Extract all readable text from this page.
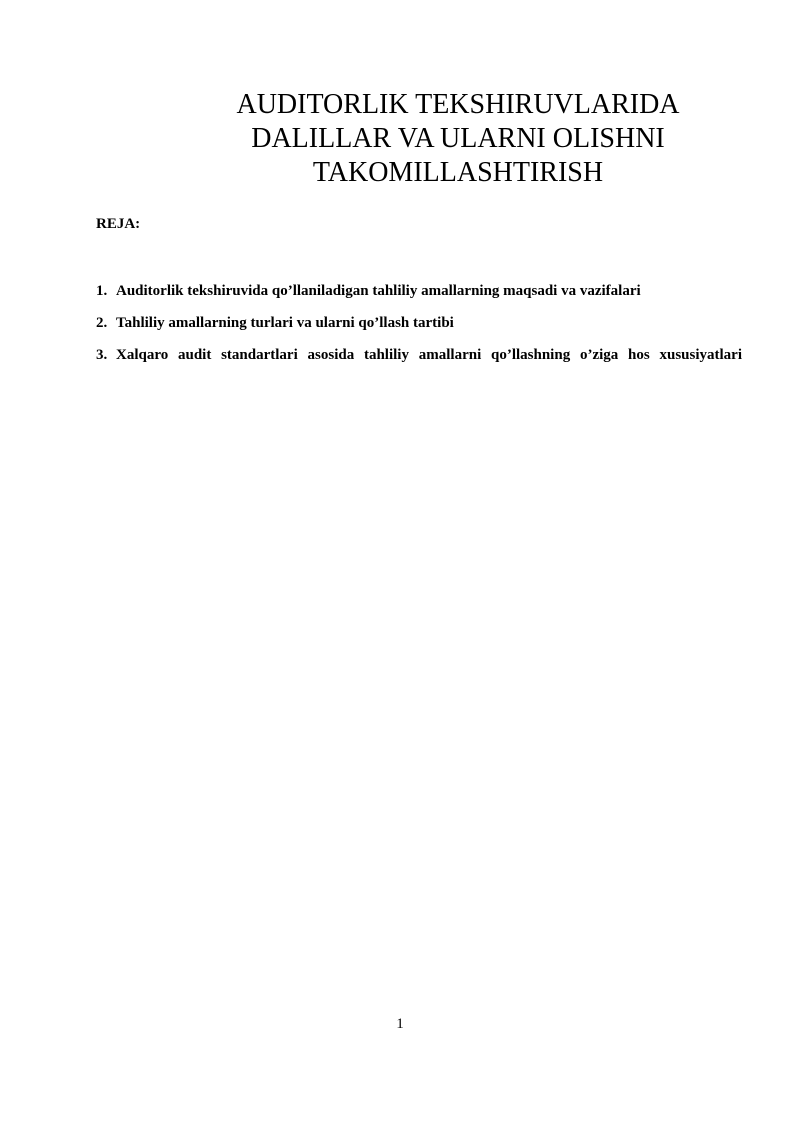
AUDITORLIK TEKSHIRUVLARIDA
DALILLAR VA ULARNI OLISHNI
TAKOMILLASHTIRISH

REJA:

1. Auditorlik tekshiruvida qo’llaniladigan tahliliy amallarning maqsadi va vazifalari
2. Tahliliy amallarning turlari va ularni qo’llash tartibi
3. Xalqaro audit standartlari asosida tahliliy amallarni qo’llashning o’ziga hos xususiyatlari
1
